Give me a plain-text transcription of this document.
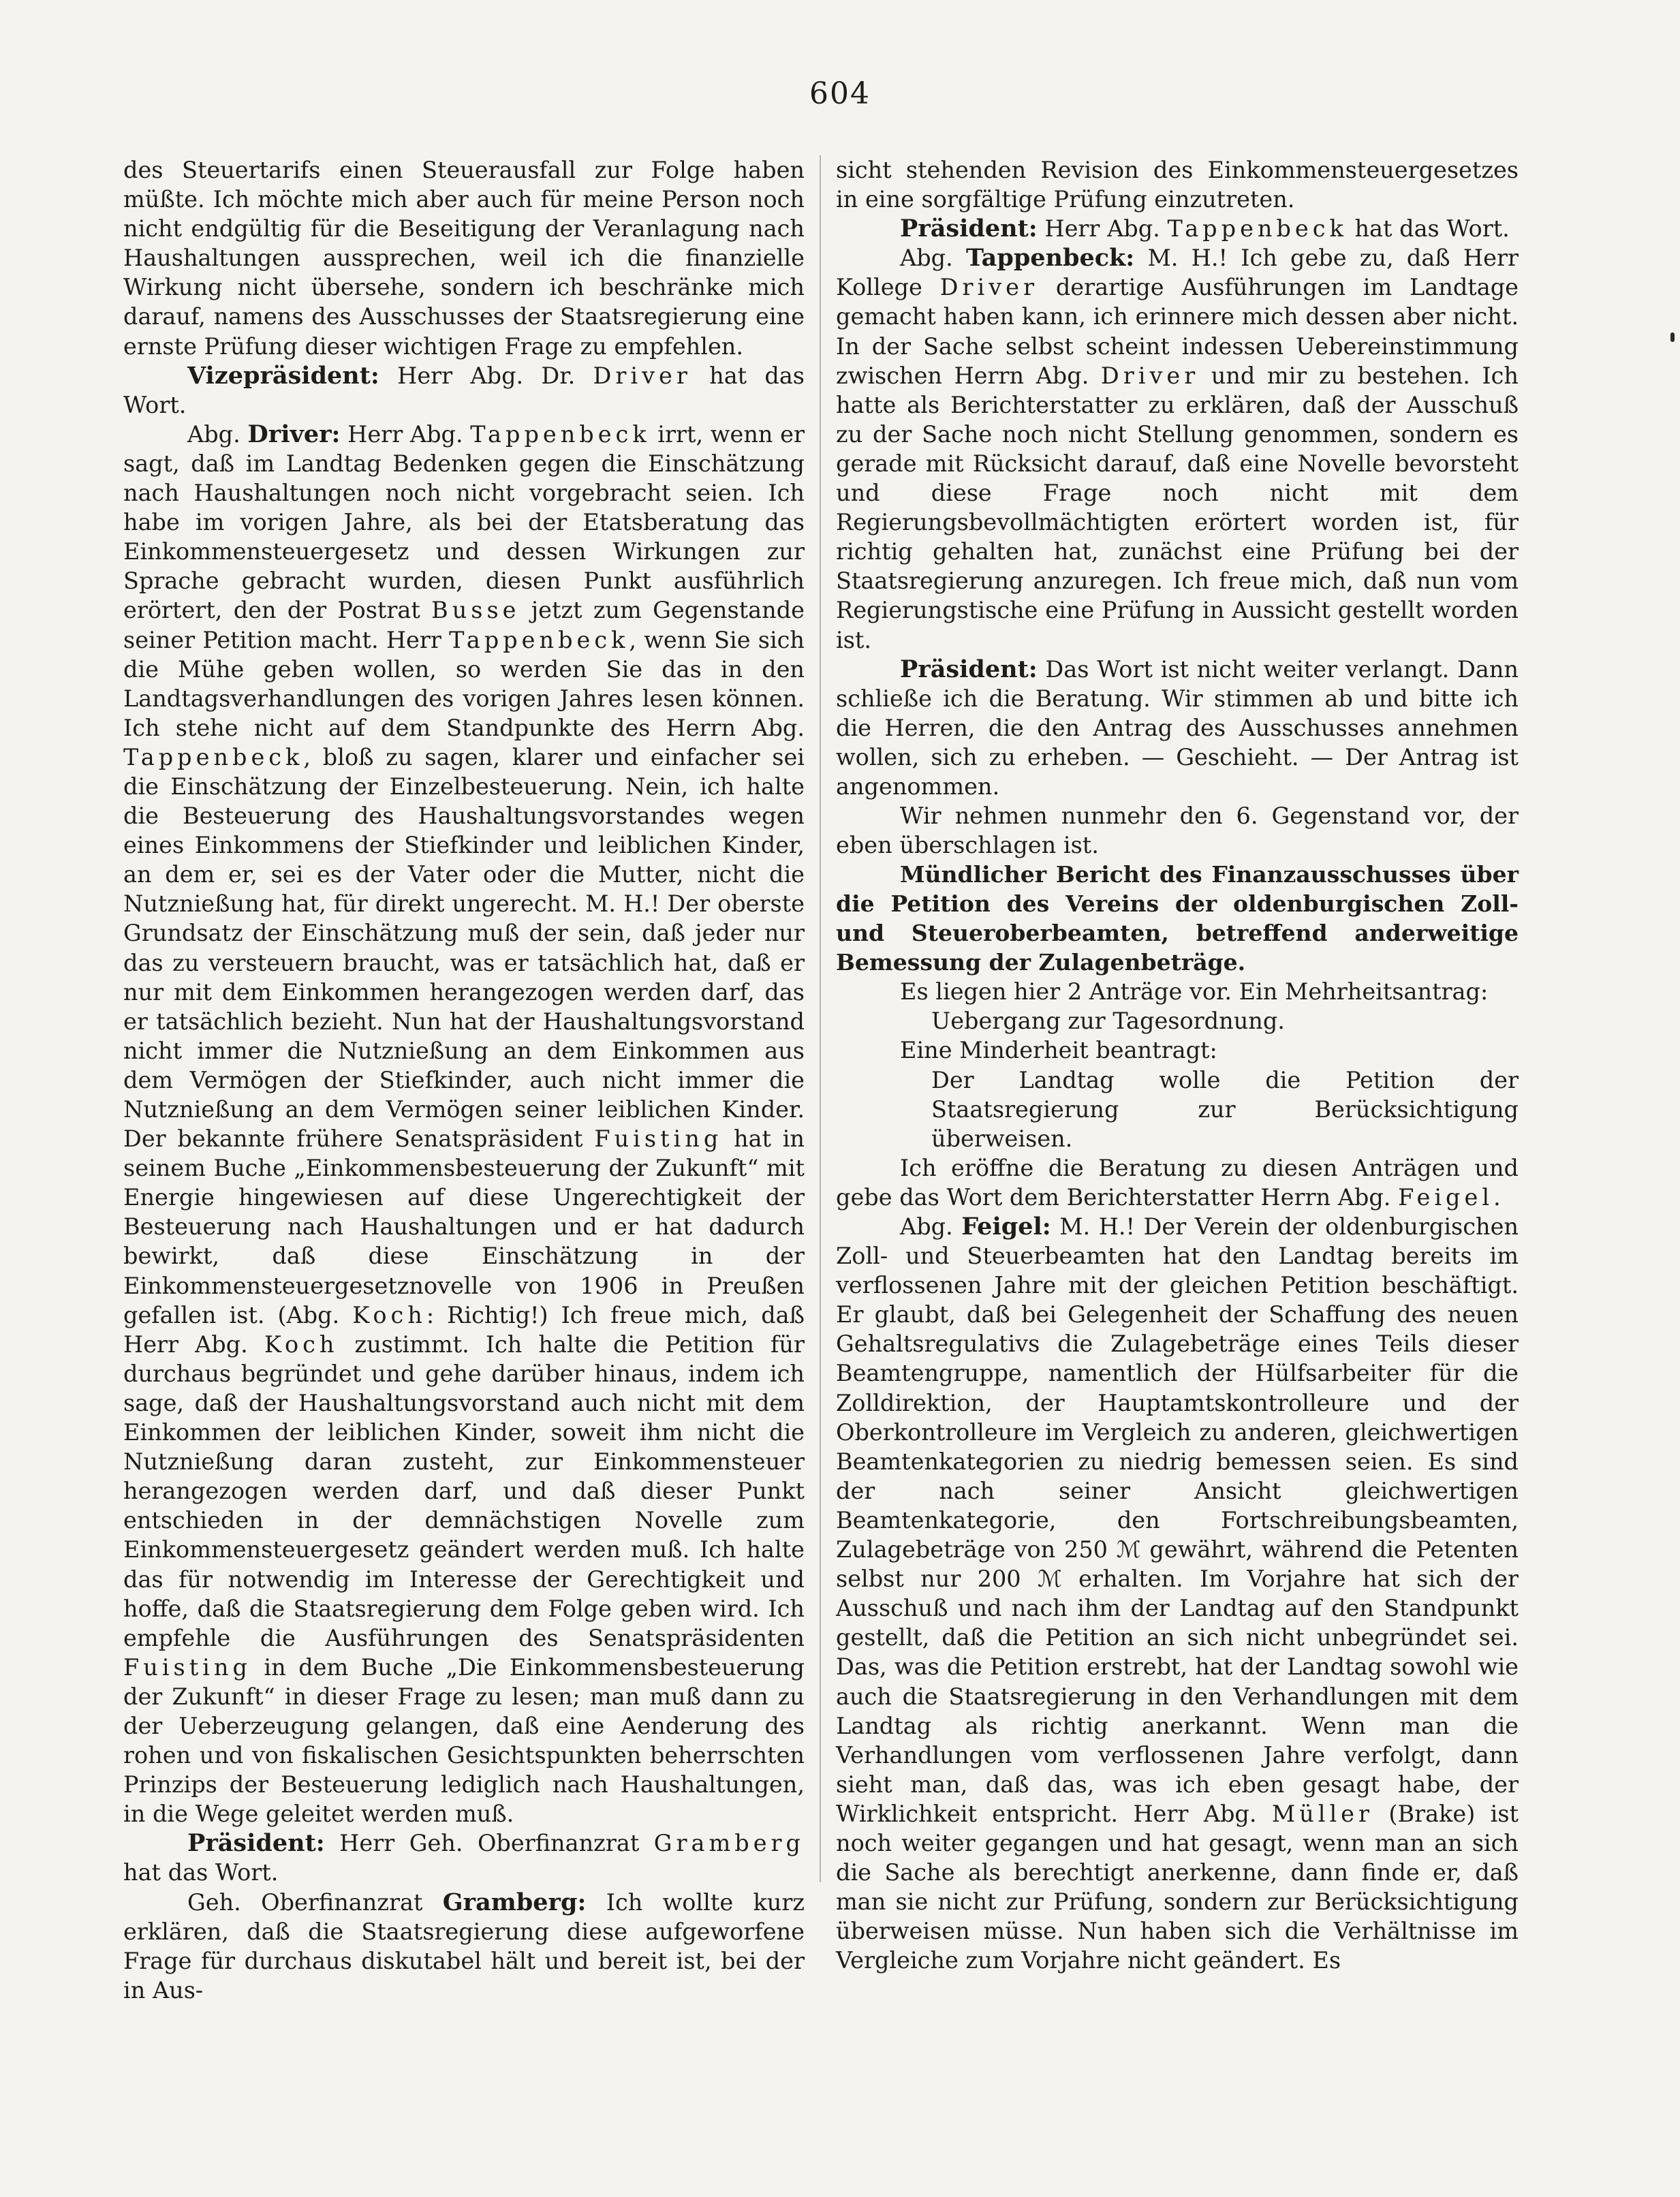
604

des Steuertarifs einen Steuerausfall zur Folge haben müßte. Ich möchte mich aber auch für meine Person noch nicht endgültig für die Beseitigung der Veranlagung nach Haushaltungen aussprechen, weil ich die finanzielle Wirkung nicht übersehe, sondern ich beschränke mich darauf, namens des Ausschusses der Staatsregierung eine ernste Prüfung dieser wichtigen Frage zu empfehlen.

Vizepräsident: Herr Abg. Dr. Driver hat das Wort.

Abg. Driver: Herr Abg. Tappenbeck irrt, wenn er sagt, daß im Landtag Bedenken gegen die Einschätzung nach Haushaltungen noch nicht vorgebracht seien. Ich habe im vorigen Jahre, als bei der Etatsberatung das Einkommensteuergesetz und dessen Wirkungen zur Sprache gebracht wurden, diesen Punkt ausführlich erörtert, den der Postrat Busse jetzt zum Gegenstande seiner Petition macht. Herr Tappenbeck, wenn Sie sich die Mühe geben wollen, so werden Sie das in den Landtagsverhandlungen des vorigen Jahres lesen können. Ich stehe nicht auf dem Standpunkte des Herrn Abg. Tappenbeck, bloß zu sagen, klarer und einfacher sei die Einschätzung der Einzelbesteuerung. Nein, ich halte die Besteuerung des Haushaltungsvorstandes wegen eines Einkommens der Stiefkinder und leiblichen Kinder, an dem er, sei es der Vater oder die Mutter, nicht die Nutznießung hat, für direkt ungerecht. M. H.! Der oberste Grundsatz der Einschätzung muß der sein, daß jeder nur das zu versteuern braucht, was er tatsächlich hat, daß er nur mit dem Einkommen herangezogen werden darf, das er tatsächlich bezieht. Nun hat der Haushaltungsvorstand nicht immer die Nutznießung an dem Einkommen aus dem Vermögen der Stiefkinder, auch nicht immer die Nutznießung an dem Vermögen seiner leiblichen Kinder. Der bekannte frühere Senatspräsident Fuisting hat in seinem Buche „Einkommensbesteuerung der Zukunft“ mit Energie hingewiesen auf diese Ungerechtigkeit der Besteuerung nach Haushaltungen und er hat dadurch bewirkt, daß diese Einschätzung in der Einkommensteuergesetznovelle von 1906 in Preußen gefallen ist. (Abg. Koch: Richtig!) Ich freue mich, daß Herr Abg. Koch zustimmt. Ich halte die Petition für durchaus begründet und gehe darüber hinaus, indem ich sage, daß der Haushaltungsvorstand auch nicht mit dem Einkommen der leiblichen Kinder, soweit ihm nicht die Nutznießung daran zusteht, zur Einkommensteuer herangezogen werden darf, und daß dieser Punkt entschieden in der demnächstigen Novelle zum Einkommensteuergesetz geändert werden muß. Ich halte das für notwendig im Interesse der Gerechtigkeit und hoffe, daß die Staatsregierung dem Folge geben wird. Ich empfehle die Ausführungen des Senatspräsidenten Fuisting in dem Buche „Die Einkommensbesteuerung der Zukunft“ in dieser Frage zu lesen; man muß dann zu der Ueberzeugung gelangen, daß eine Aenderung des rohen und von fiskalischen Gesichtspunkten beherrschten Prinzips der Besteuerung lediglich nach Haushaltungen, in die Wege geleitet werden muß.

Präsident: Herr Geh. Oberfinanzrat Gramberg hat das Wort.

Geh. Oberfinanzrat Gramberg: Ich wollte kurz erklären, daß die Staatsregierung diese aufgeworfene Frage für durchaus diskutabel hält und bereit ist, bei der in Aus-

sicht stehenden Revision des Einkommensteuergesetzes in eine sorgfältige Prüfung einzutreten.

Präsident: Herr Abg. Tappenbeck hat das Wort.

Abg. Tappenbeck: M. H.! Ich gebe zu, daß Herr Kollege Driver derartige Ausführungen im Landtage gemacht haben kann, ich erinnere mich dessen aber nicht. In der Sache selbst scheint indessen Uebereinstimmung zwischen Herrn Abg. Driver und mir zu bestehen. Ich hatte als Berichterstatter zu erklären, daß der Ausschuß zu der Sache noch nicht Stellung genommen, sondern es gerade mit Rücksicht darauf, daß eine Novelle bevorsteht und diese Frage noch nicht mit dem Regierungsbevollmächtigten erörtert worden ist, für richtig gehalten hat, zunächst eine Prüfung bei der Staatsregierung anzuregen. Ich freue mich, daß nun vom Regierungstische eine Prüfung in Aussicht gestellt worden ist.

Präsident: Das Wort ist nicht weiter verlangt. Dann schließe ich die Beratung. Wir stimmen ab und bitte ich die Herren, die den Antrag des Ausschusses annehmen wollen, sich zu erheben. — Geschieht. — Der Antrag ist angenommen.

Wir nehmen nunmehr den 6. Gegenstand vor, der eben überschlagen ist.

Mündlicher Bericht des Finanzausschusses über die Petition des Vereins der oldenburgischen Zoll- und Steueroberbeamten, betreffend anderweitige Bemessung der Zulagenbeträge.

Es liegen hier 2 Anträge vor. Ein Mehrheitsantrag:

Uebergang zur Tagesordnung.

Eine Minderheit beantragt:

Der Landtag wolle die Petition der Staatsregierung zur Berücksichtigung überweisen.

Ich eröffne die Beratung zu diesen Anträgen und gebe das Wort dem Berichterstatter Herrn Abg. Feigel.

Abg. Feigel: M. H.! Der Verein der oldenburgischen Zoll- und Steuerbeamten hat den Landtag bereits im verflossenen Jahre mit der gleichen Petition beschäftigt. Er glaubt, daß bei Gelegenheit der Schaffung des neuen Gehaltsregulativs die Zulagebeträge eines Teils dieser Beamtengruppe, namentlich der Hülfsarbeiter für die Zolldirektion, der Hauptamtskontrolleure und der Oberkontrolleure im Vergleich zu anderen, gleichwertigen Beamtenkategorien zu niedrig bemessen seien. Es sind der nach seiner Ansicht gleichwertigen Beamtenkategorie, den Fortschreibungsbeamten, Zulagebeträge von 250 ℳ gewährt, während die Petenten selbst nur 200 ℳ erhalten. Im Vorjahre hat sich der Ausschuß und nach ihm der Landtag auf den Standpunkt gestellt, daß die Petition an sich nicht unbegründet sei. Das, was die Petition erstrebt, hat der Landtag sowohl wie auch die Staatsregierung in den Verhandlungen mit dem Landtag als richtig anerkannt. Wenn man die Verhandlungen vom verflossenen Jahre verfolgt, dann sieht man, daß das, was ich eben gesagt habe, der Wirklichkeit entspricht. Herr Abg. Müller (Brake) ist noch weiter gegangen und hat gesagt, wenn man an sich die Sache als berechtigt anerkenne, dann finde er, daß man sie nicht zur Prüfung, sondern zur Berücksichtigung überweisen müsse. Nun haben sich die Verhältnisse im Vergleiche zum Vorjahre nicht geändert. Es
